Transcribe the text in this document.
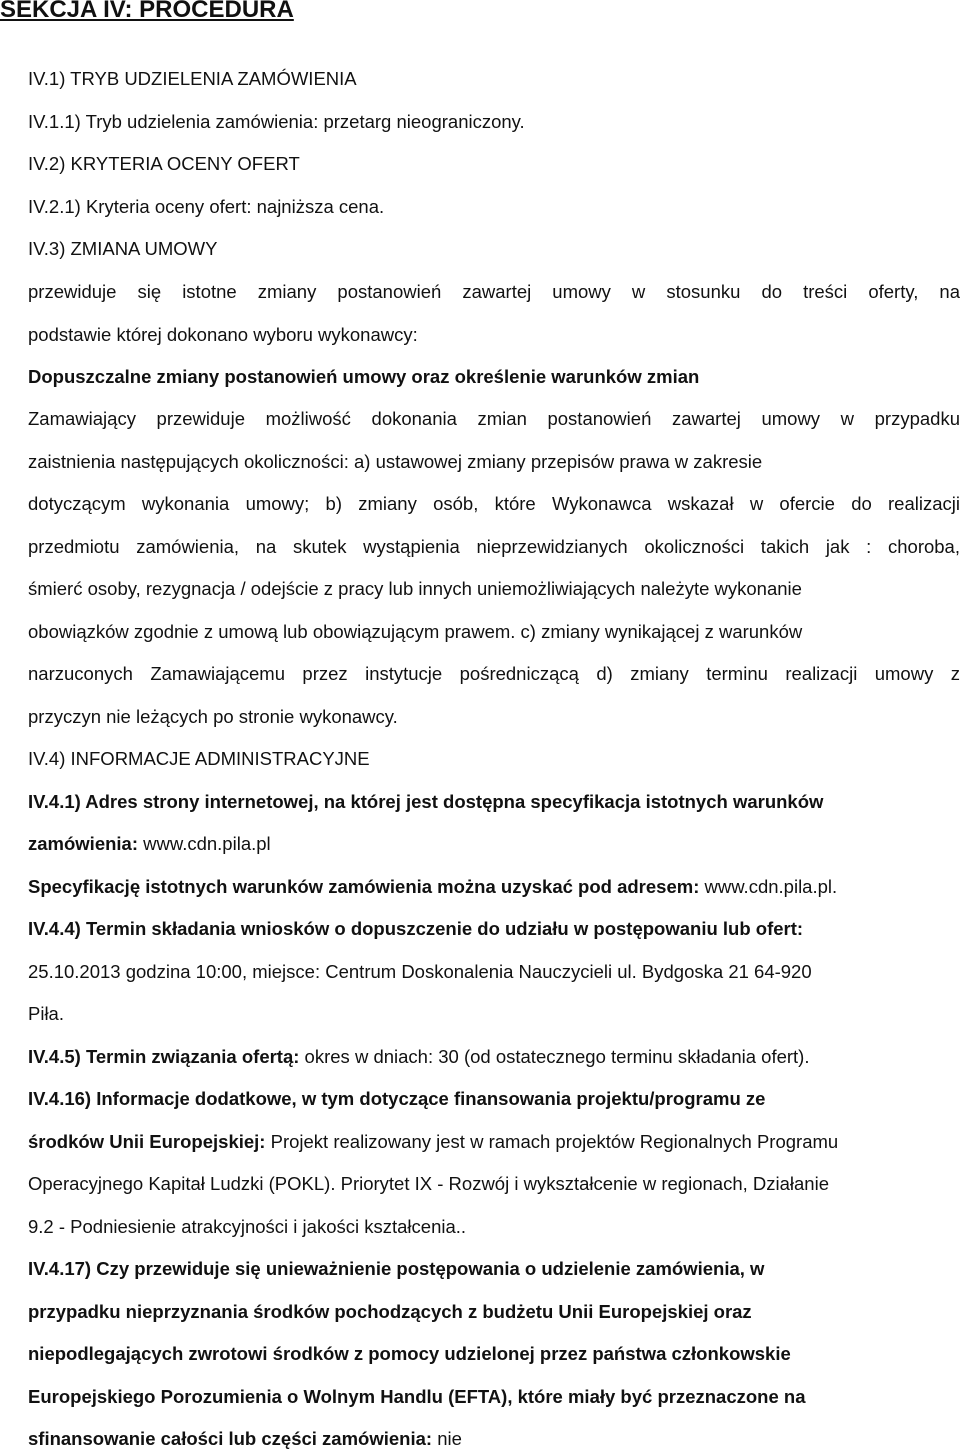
SEKCJA IV: PROCEDURA
IV.1) TRYB UDZIELENIA ZAMÓWIENIA
IV.1.1) Tryb udzielenia zamówienia: przetarg nieograniczony.
IV.2) KRYTERIA OCENY OFERT
IV.2.1) Kryteria oceny ofert: najniższa cena.
IV.3) ZMIANA UMOWY
przewiduje się istotne zmiany postanowień zawartej umowy w stosunku do treści oferty, na
podstawie której dokonano wyboru wykonawcy:
Dopuszczalne zmiany postanowień umowy oraz określenie warunków zmian
Zamawiający przewiduje możliwość dokonania zmian postanowień zawartej umowy w przypadku
zaistnienia następujących okoliczności: a) ustawowej zmiany przepisów prawa w zakresie
dotyczącym wykonania umowy; b) zmiany osób, które Wykonawca wskazał w ofercie do realizacji
przedmiotu zamówienia, na skutek wystąpienia nieprzewidzianych okoliczności takich jak : choroba,
śmierć osoby, rezygnacja / odejście z pracy lub innych uniemożliwiających należyte wykonanie
obowiązków zgodnie z umową lub obowiązującym prawem. c) zmiany wynikającej z warunków
narzuconych Zamawiającemu przez instytucje pośredniczącą d) zmiany terminu realizacji umowy z
przyczyn nie leżących po stronie wykonawcy.
IV.4) INFORMACJE ADMINISTRACYJNE
IV.4.1) Adres strony internetowej, na której jest dostępna specyfikacja istotnych warunków
zamówienia: www.cdn.pila.pl
Specyfikację istotnych warunków zamówienia można uzyskać pod adresem: www.cdn.pila.pl.
IV.4.4) Termin składania wniosków o dopuszczenie do udziału w postępowaniu lub ofert:
25.10.2013 godzina 10:00, miejsce: Centrum Doskonalenia Nauczycieli ul. Bydgoska 21 64-920
Piła.
IV.4.5) Termin związania ofertą: okres w dniach: 30 (od ostatecznego terminu składania ofert).
IV.4.16) Informacje dodatkowe, w tym dotyczące finansowania projektu/programu ze
środków Unii Europejskiej: Projekt realizowany jest w ramach projektów Regionalnych Programu
Operacyjnego Kapitał Ludzki (POKL). Priorytet IX - Rozwój i wykształcenie w regionach, Działanie
9.2 - Podniesienie atrakcyjności i jakości kształcenia..
IV.4.17) Czy przewiduje się unieważnienie postępowania o udzielenie zamówienia, w
przypadku nieprzyznania środków pochodzących z budżetu Unii Europejskiej oraz
niepodlegających zwrotowi środków z pomocy udzielonej przez państwa członkowskie
Europejskiego Porozumienia o Wolnym Handlu (EFTA), które miały być przeznaczone na
sfinansowanie całości lub części zamówienia: nie
